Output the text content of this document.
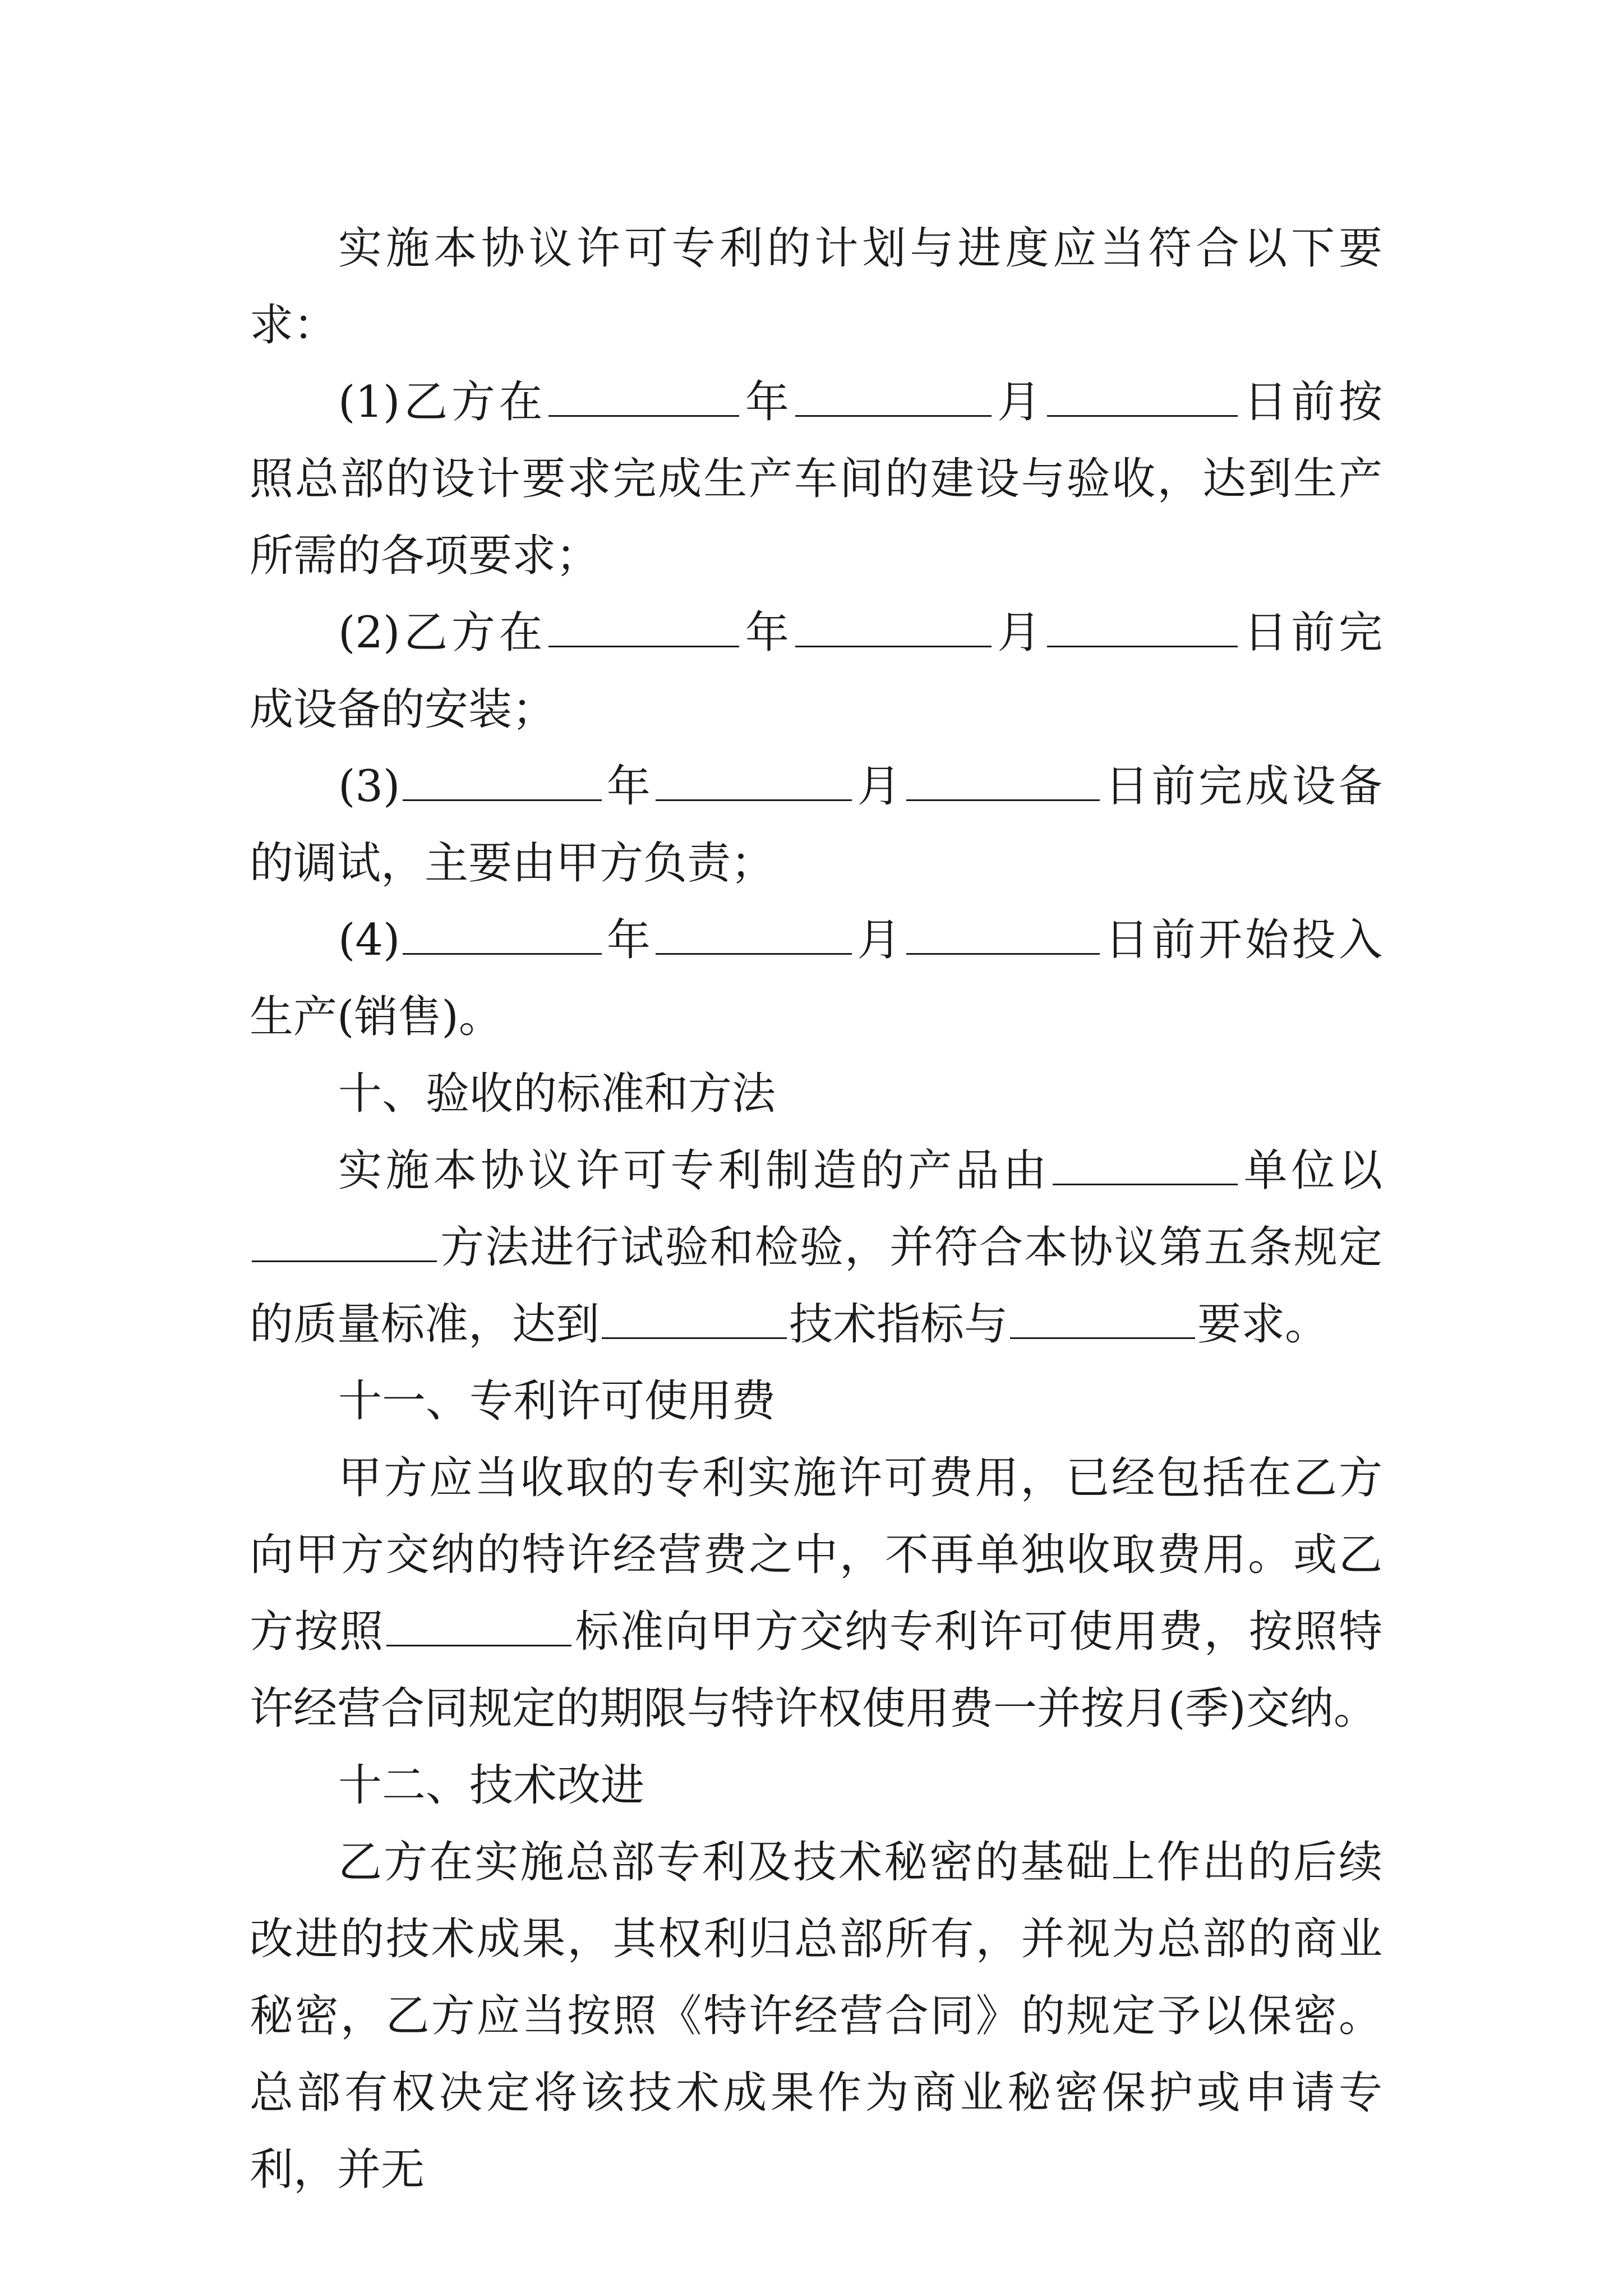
实施本协议许可专利的计划与进度应当符合以下要求：

(1)乙方在	年	月	日前按照总部的设计要求完成生产车间的建设与验收，达到生产所需的各项要求；

(2)乙方在	年	月	日前完成设备的安装；

(3)	年	月	日前完成设备的调试，主要由甲方负责；

(4)	年	月	日前开始投入生产(销售)。

十、验收的标准和方法

实施本协议许可专利制造的产品由	单位以方法进行试验和检验，并符合本协议第五条规定的质量标准，达到	技术指标与	要求。

十一、专利许可使用费

甲方应当收取的专利实施许可费用，已经包括在乙方向甲方交纳的特许经营费之中，不再单独收取费用。或乙方按照	标准向甲方交纳专利许可使用费，按照特许经营合同规定的期限与特许权使用费一并按月(季)交纳。

十二、技术改进

乙方在实施总部专利及技术秘密的基础上作出的后续改进的技术成果，其权利归总部所有，并视为总部的商业秘密，乙方应当按照《特许经营合同》的规定予以保密。总部有权决定将该技术成果作为商业秘密保护或申请专利，并无
